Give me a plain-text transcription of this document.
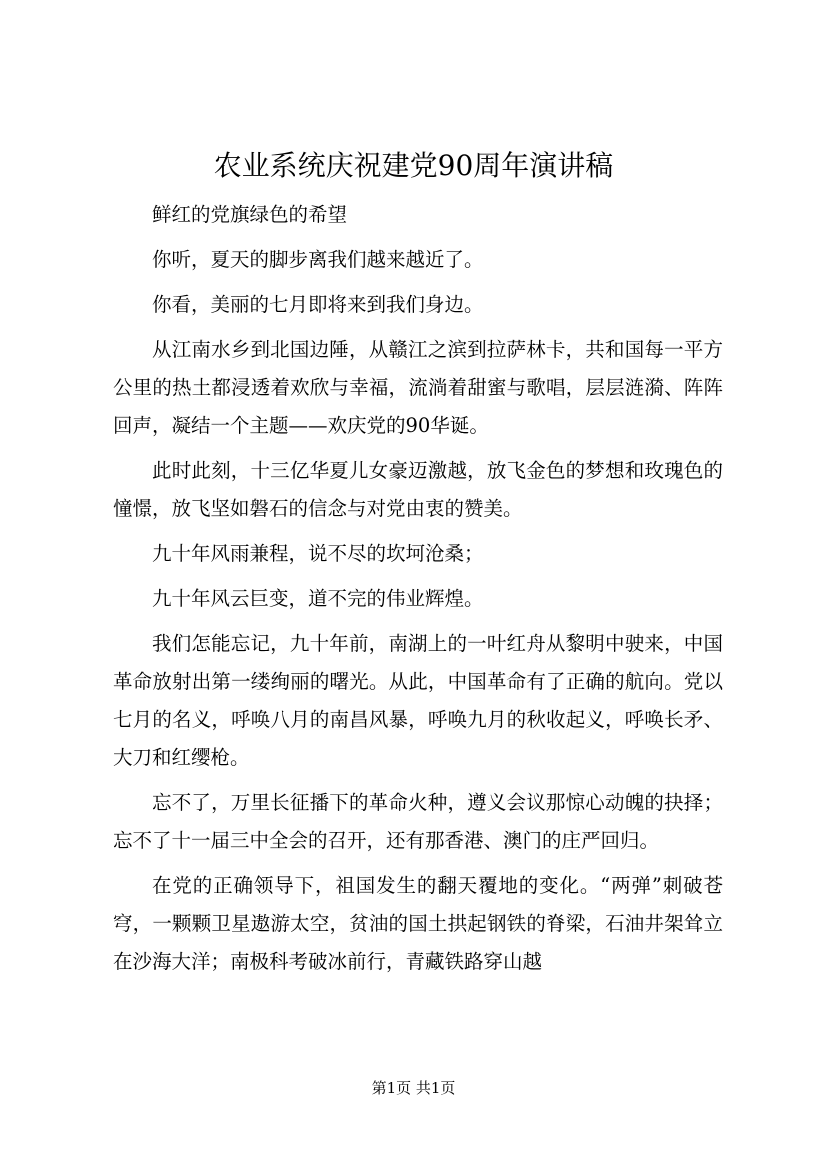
农业系统庆祝建党90周年演讲稿

鲜红的党旗绿色的希望

你听，夏天的脚步离我们越来越近了。

你看，美丽的七月即将来到我们身边。

从江南水乡到北国边陲，从赣江之滨到拉萨林卡，共和国每一平方公里的热土都浸透着欢欣与幸福，流淌着甜蜜与歌唱，层层涟漪、阵阵回声，凝结一个主题——欢庆党的90华诞。

此时此刻，十三亿华夏儿女豪迈激越，放飞金色的梦想和玫瑰色的憧憬，放飞坚如磐石的信念与对党由衷的赞美。

九十年风雨兼程，说不尽的坎坷沧桑；

九十年风云巨变，道不完的伟业辉煌。

我们怎能忘记，九十年前，南湖上的一叶红舟从黎明中驶来，中国革命放射出第一缕绚丽的曙光。从此，中国革命有了正确的航向。党以七月的名义，呼唤八月的南昌风暴，呼唤九月的秋收起义，呼唤长矛、大刀和红缨枪。

忘不了，万里长征播下的革命火种，遵义会议那惊心动魄的抉择；忘不了十一届三中全会的召开，还有那香港、澳门的庄严回归。

在党的正确领导下，祖国发生的翻天覆地的变化。“两弹”刺破苍穹，一颗颗卫星遨游太空，贫油的国土拱起钢铁的脊梁，石油井架耸立在沙海大洋；南极科考破冰前行，青藏铁路穿山越

第1页 共1页
